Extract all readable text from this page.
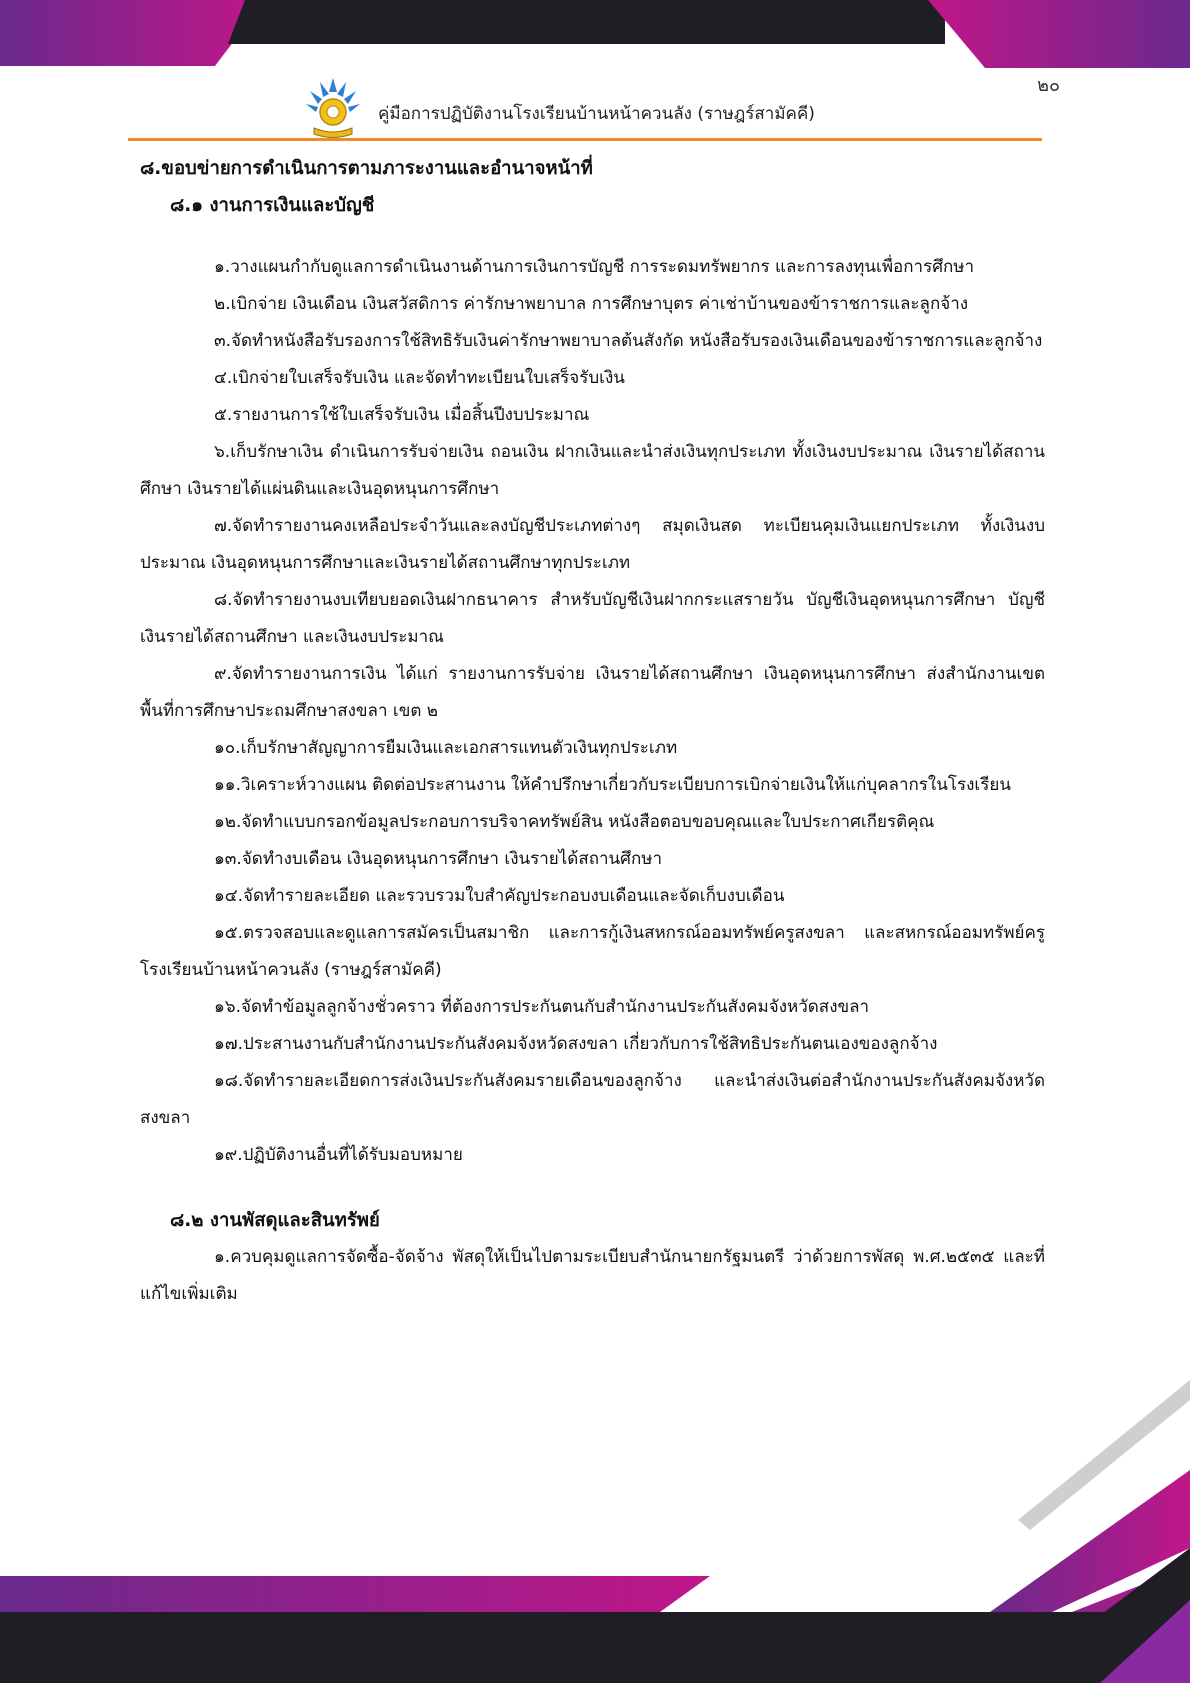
๒๐
คู่มือการปฏิบัติงานโรงเรียนบ้านหน้าควนลัง (ราษฎร์สามัคคี)
๘.ขอบข่ายการดำเนินการตามภาระงานและอำนาจหน้าที่
๘.๑ งานการเงินและบัญชี

๑.วางแผนกำกับดูแลการดำเนินงานด้านการเงินการบัญชี การระดมทรัพยากร และการลงทุนเพื่อการศึกษา

๒.เบิกจ่าย เงินเดือน เงินสวัสดิการ ค่ารักษาพยาบาล การศึกษาบุตร ค่าเช่าบ้านของข้าราชการและลูกจ้าง

๓.จัดทำหนังสือรับรองการใช้สิทธิรับเงินค่ารักษาพยาบาลต้นสังกัด หนังสือรับรองเงินเดือนของข้าราชการและลูกจ้าง

๔.เบิกจ่ายใบเสร็จรับเงิน และจัดทำทะเบียนใบเสร็จรับเงิน

๕.รายงานการใช้ใบเสร็จรับเงิน เมื่อสิ้นปีงบประมาณ

๖.เก็บรักษาเงิน ดำเนินการรับจ่ายเงิน ถอนเงิน ฝากเงินและนำส่งเงินทุกประเภท ทั้งเงินงบประมาณ เงินรายได้สถานศึกษา เงินรายได้แผ่นดินและเงินอุดหนุนการศึกษา

๗.จัดทำรายงานคงเหลือประจำวันและลงบัญชีประเภทต่างๆ สมุดเงินสด ทะเบียนคุมเงินแยกประเภท ทั้งเงินงบประมาณ เงินอุดหนุนการศึกษาและเงินรายได้สถานศึกษาทุกประเภท

๘.จัดทำรายงานงบเทียบยอดเงินฝากธนาคาร สำหรับบัญชีเงินฝากกระแสรายวัน บัญชีเงินอุดหนุนการศึกษา บัญชีเงินรายได้สถานศึกษา และเงินงบประมาณ

๙.จัดทำรายงานการเงิน ได้แก่ รายงานการรับจ่าย เงินรายได้สถานศึกษา เงินอุดหนุนการศึกษา ส่งสำนักงานเขตพื้นที่การศึกษาประถมศึกษาสงขลา เขต ๒

๑๐.เก็บรักษาสัญญาการยืมเงินและเอกสารแทนตัวเงินทุกประเภท

๑๑.วิเคราะห์วางแผน ติดต่อประสานงาน ให้คำปรึกษาเกี่ยวกับระเบียบการเบิกจ่ายเงินให้แก่บุคลากรในโรงเรียน

๑๒.จัดทำแบบกรอกข้อมูลประกอบการบริจาคทรัพย์สิน หนังสือตอบขอบคุณและใบประกาศเกียรติคุณ

๑๓.จัดทำงบเดือน เงินอุดหนุนการศึกษา เงินรายได้สถานศึกษา

๑๔.จัดทำรายละเอียด และรวบรวมใบสำคัญประกอบงบเดือนและจัดเก็บงบเดือน

๑๕.ตรวจสอบและดูแลการสมัครเป็นสมาชิก และการกู้เงินสหกรณ์ออมทรัพย์ครูสงขลา และสหกรณ์ออมทรัพย์ครูโรงเรียนบ้านหน้าควนลัง (ราษฎร์สามัคคี)

๑๖.จัดทำข้อมูลลูกจ้างชั่วคราว ที่ต้องการประกันตนกับสำนักงานประกันสังคมจังหวัดสงขลา

๑๗.ประสานงานกับสำนักงานประกันสังคมจังหวัดสงขลา เกี่ยวกับการใช้สิทธิประกันตนเองของลูกจ้าง

๑๘.จัดทำรายละเอียดการส่งเงินประกันสังคมรายเดือนของลูกจ้าง และนำส่งเงินต่อสำนักงานประกันสังคมจังหวัดสงขลา

๑๙.ปฏิบัติงานอื่นที่ได้รับมอบหมาย

๘.๒ งานพัสดุและสินทรัพย์

๑.ควบคุมดูแลการจัดซื้อ-จัดจ้าง พัสดุให้เป็นไปตามระเบียบสำนักนายกรัฐมนตรี ว่าด้วยการพัสดุ พ.ศ.๒๕๓๕ และที่แก้ไขเพิ่มเติม
